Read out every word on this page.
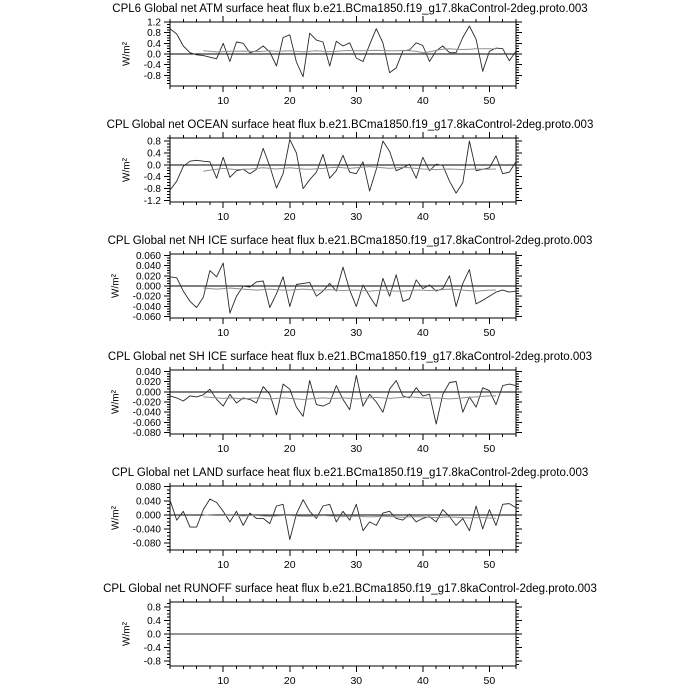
1.2
0.8
0.4
0.0
-0.4
-0.8
10	20	30	40	50
W/m²
CPL6 Global net ATM surface heat flux b.e21.BCma1850.f19_g17.8kaControl-2deg.proto.003
0.8
0.4
0.0
-0.4
-0.8
-1.2
10	20	30	40	50
W/m²
CPL Global net OCEAN surface heat flux b.e21.BCma1850.f19_g17.8kaControl-2deg.proto.003
0.060
0.040
0.020
0.000
-0.020
-0.040
-0.060
10	20	30	40	50
W/m²
CPL Global net NH ICE surface heat flux b.e21.BCma1850.f19_g17.8kaControl-2deg.proto.003
0.040
0.020
0.000
-0.020
-0.040
-0.060
-0.080
10	20	30	40	50
W/m²
CPL Global net SH ICE surface heat flux b.e21.BCma1850.f19_g17.8kaControl-2deg.proto.003
0.080
0.040
0.000
-0.040
-0.080
10	20	30	40	50
W/m²
CPL Global net LAND surface heat flux b.e21.BCma1850.f19_g17.8kaControl-2deg.proto.003
0.8
0.4
0.0
-0.4
-0.8
10	20	30	40	50
W/m²
CPL Global net RUNOFF surface heat flux b.e21.BCma1850.f19_g17.8kaControl-2deg.proto.003
